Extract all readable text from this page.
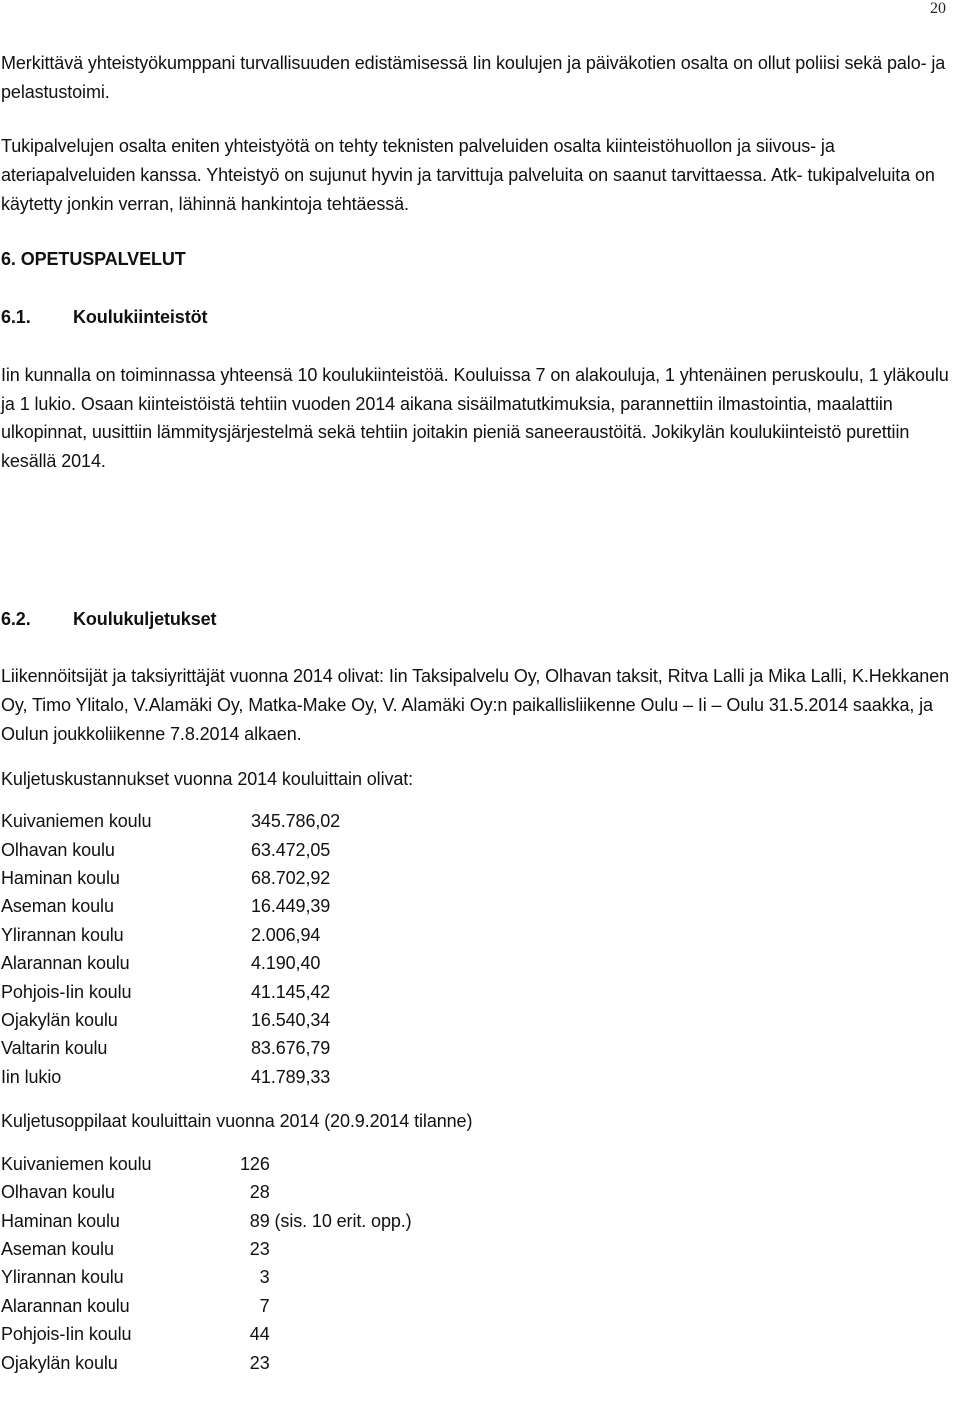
20

Merkittävä yhteistyökumppani turvallisuuden edistämisessä Iin koulujen ja päiväkotien osalta on ollut poliisi sekä palo- ja pelastustoimi.

Tukipalvelujen osalta eniten yhteistyötä on tehty teknisten palveluiden osalta kiinteistöhuollon ja siivous- ja ateriapalveluiden kanssa. Yhteistyö on sujunut hyvin ja tarvittuja palveluita on saanut tarvittaessa. Atk- tukipalveluita on käytetty jonkin verran, lähinnä hankintoja tehtäessä.

6. OPETUSPALVELUT

6.1. Koulukiinteistöt

Iin kunnalla on toiminnassa yhteensä 10 koulukiinteistöä. Kouluissa 7 on alakouluja, 1 yhtenäinen peruskoulu, 1 yläkoulu ja 1 lukio. Osaan kiinteistöistä tehtiin vuoden 2014 aikana sisäilmatutkimuksia, parannettiin ilmastointia, maalattiin ulkopinnat, uusittiin lämmitysjärjestelmä sekä tehtiin joitakin pieniä saneeraustöitä. Jokikylän koulukiinteistö purettiin kesällä 2014.

6.2. Koulukuljetukset

Liikennöitsijät ja taksiyrittäjät vuonna 2014 olivat: Iin Taksipalvelu Oy, Olhavan taksit, Ritva Lalli ja Mika Lalli, K.Hekkanen Oy, Timo Ylitalo, V.Alamäki Oy, Matka-Make Oy, V. Alamäki Oy:n paikallisliikenne Oulu – Ii – Oulu 31.5.2014 saakka, ja Oulun joukkoliikenne 7.8.2014 alkaen.

Kuljetuskustannukset vuonna 2014 kouluittain olivat:

Kuivaniemen koulu	345.786,02
Olhavan koulu	63.472,05
Haminan koulu	68.702,92
Aseman koulu	16.449,39
Ylirannan koulu	2.006,94
Alarannan koulu	4.190,40
Pohjois-Iin koulu	41.145,42
Ojakylän koulu	16.540,34
Valtarin koulu	83.676,79
Iin lukio	41.789,33

Kuljetusoppilaat kouluittain vuonna 2014 (20.9.2014 tilanne)

Kuivaniemen koulu	126
Olhavan koulu	28
Haminan koulu	89 (sis. 10 erit. opp.)
Aseman koulu	23
Ylirannan koulu	3
Alarannan koulu	7
Pohjois-Iin koulu	44
Ojakylän koulu	23
